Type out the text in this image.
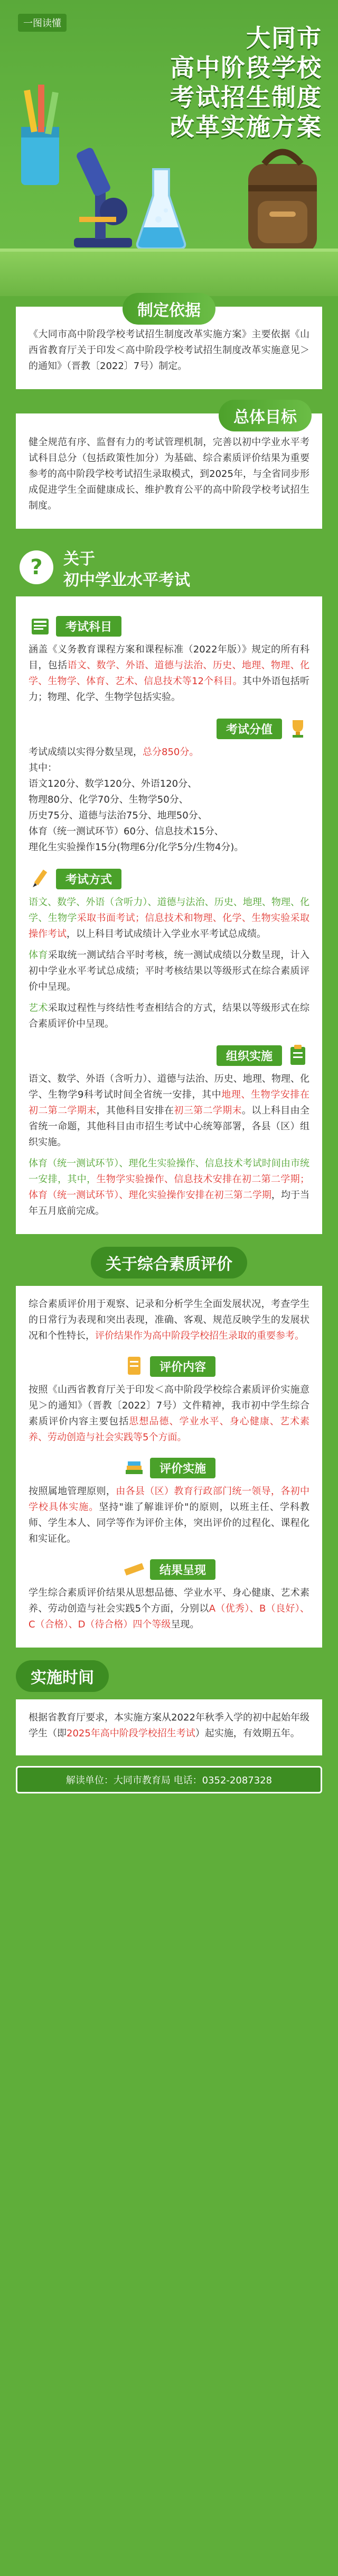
一图读懂
大同市
高中阶段学校
考试招生制度
改革实施方案
制定依据

《大同市高中阶段学校考试招生制度改革实施方案》主要依据《山西省教育厅关于印发＜高中阶段学校考试招生制度改革实施意见＞的通知》（晋教〔2022〕7号）制定。

总体目标

健全规范有序、监督有力的考试管理机制，完善以初中学业水平考试科目总分（包括政策性加分）为基础、综合素质评价结果为重要参考的高中阶段学校考试招生录取模式，到2025年，与全省同步形成促进学生全面健康成长、维护教育公平的高中阶段学校考试招生制度。

? 关于
初中学业水平考试
考试科目

涵盖《义务教育课程方案和课程标准（2022年版）》规定的所有科目，包括语文、数学、外语、道德与法治、历史、地理、物理、化学、生物学、体育、艺术、信息技术等12个科目。其中外语包括听力；物理、化学、生物学包括实验。

考试分值

考试成绩以实得分数呈现，总分850分。

其中：

语文120分、数学120分、外语120分、

物理80分、化学70分、生物学50分、

历史75分、道德与法治75分、地理50分、

体育（统一测试环节）60分、信息技术15分、

理化生实验操作15分(物理6分/化学5分/生物4分)。

考试方式

语文、数学、外语（含听力）、道德与法治、历史、地理、物理、化学、生物学采取书面考试；信息技术和物理、化学、生物实验采取操作考试，以上科目考试成绩计入学业水平考试总成绩。

体育采取统一测试结合平时考核，统一测试成绩以分数呈现，计入初中学业水平考试总成绩；平时考核结果以等级形式在综合素质评价中呈现。

艺术采取过程性与终结性考查相结合的方式，结果以等级形式在综合素质评价中呈现。

组织实施

语文、数学、外语（含听力）、道德与法治、历史、地理、物理、化学、生物学9科考试时间全省统一安排，其中地理、生物学安排在初二第二学期末，其他科目安排在初三第二学期末。以上科目由全省统一命题，其他科目由市招生考试中心统筹部署，各县（区）组织实施。

体育（统一测试环节）、理化生实验操作、信息技术考试时间由市统一安排，其中，生物学实验操作、信息技术安排在初二第二学期；体育（统一测试环节）、理化实验操作安排在初三第二学期，均于当年五月底前完成。

关于综合素质评价

综合素质评价用于观察、记录和分析学生全面发展状况，考查学生的日常行为表现和突出表现，准确、客观、规范反映学生的发展状况和个性特长，评价结果作为高中阶段学校招生录取的重要参考。

评价内容

按照《山西省教育厅关于印发＜高中阶段学校综合素质评价实施意见＞的通知》（晋教〔2022〕7号）文件精神，我市初中学生综合素质评价内容主要包括思想品德、学业水平、身心健康、艺术素养、劳动创造与社会实践等5个方面。

评价实施

按照属地管理原则，由各县（区）教育行政部门统一领导，各初中学校具体实施。坚持"谁了解谁评价"的原则，以班主任、学科教师、学生本人、同学等作为评价主体，突出评价的过程化、课程化和实证化。

结果呈现

学生综合素质评价结果从思想品德、学业水平、身心健康、艺术素养、劳动创造与社会实践5个方面，分别以A（优秀）、B（良好）、C（合格）、D（待合格）四个等级呈现。

实施时间

根据省教育厅要求，本实施方案从2022年秋季入学的初中起始年级学生（即2025年高中阶段学校招生考试）起实施，有效期五年。

解读单位：大同市教育局 电话：0352-2087328
